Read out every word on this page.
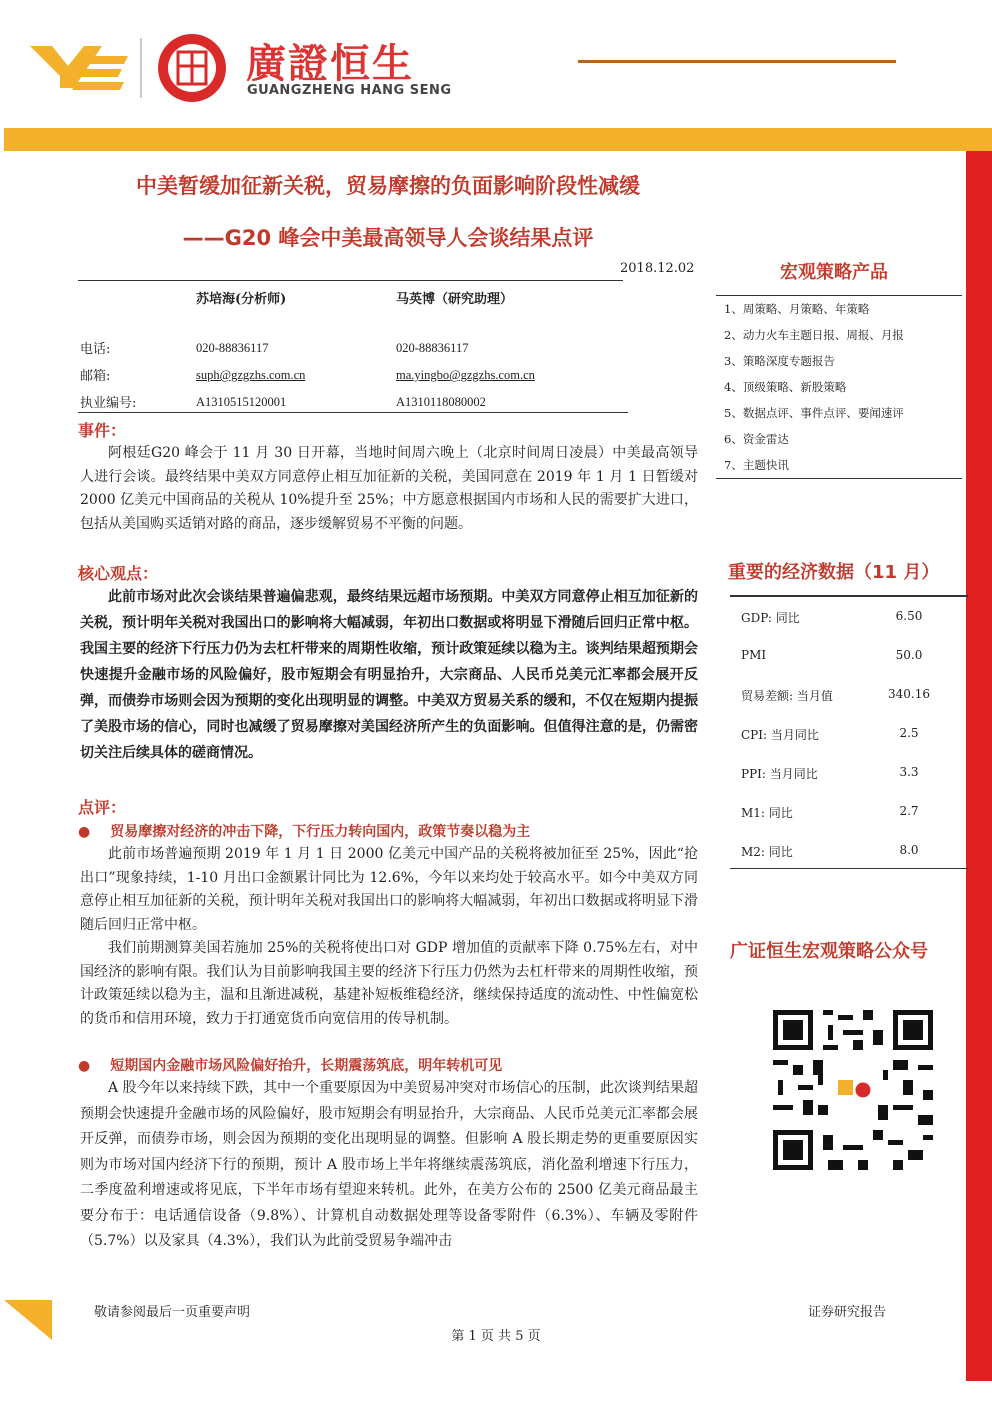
廣證恒生
GUANGZHENG HANG SENG
中美暂缓加征新关税，贸易摩擦的负面影响阶段性减缓
——G20 峰会中美最高领导人会谈结果点评
2018.12.02
苏培海(分析师)	马英博（研究助理）
电话:	020-88836117	020-88836117
邮箱:	suph@gzgzhs.com.cn	ma.yingbo@gzgzhs.com.cn
执业编号:	A1310515120001	A1310118080002
事件：
阿根廷G20 峰会于 11 月 30 日开幕，当地时间周六晚上（北京时间周日凌晨）中美最高领导人进行会谈。最终结果中美双方同意停止相互加征新的关税，美国同意在 2019 年 1 月 1 日暂缓对 2000 亿美元中国商品的关税从 10%提升至 25%；中方愿意根据国内市场和人民的需要扩大进口，包括从美国购买适销对路的商品，逐步缓解贸易不平衡的问题。
核心观点：
此前市场对此次会谈结果普遍偏悲观，最终结果远超市场预期。中美双方同意停止相互加征新的关税，预计明年关税对我国出口的影响将大幅减弱，年初出口数据或将明显下滑随后回归正常中枢。我国主要的经济下行压力仍为去杠杆带来的周期性收缩，预计政策延续以稳为主。谈判结果超预期会快速提升金融市场的风险偏好，股市短期会有明显抬升，大宗商品、人民币兑美元汇率都会展开反弹，而债券市场则会因为预期的变化出现明显的调整。中美双方贸易关系的缓和，不仅在短期内提振了美股市场的信心，同时也减缓了贸易摩擦对美国经济所产生的负面影响。但值得注意的是，仍需密切关注后续具体的磋商情况。
点评：
● 贸易摩擦对经济的冲击下降，下行压力转向国内，政策节奏以稳为主
此前市场普遍预期 2019 年 1 月 1 日 2000 亿美元中国产品的关税将被加征至 25%，因此“抢出口”现象持续，1-10 月出口金额累计同比为 12.6%，今年以来均处于较高水平。如今中美双方同意停止相互加征新的关税，预计明年关税对我国出口的影响将大幅减弱，年初出口数据或将明显下滑随后回归正常中枢。
我们前期测算美国若施加 25%的关税将使出口对 GDP 增加值的贡献率下降 0.75%左右，对中国经济的影响有限。我们认为目前影响我国主要的经济下行压力仍然为去杠杆带来的周期性收缩，预计政策延续以稳为主，温和且渐进减税，基建补短板维稳经济，继续保持适度的流动性、中性偏宽松的货币和信用环境，致力于打通宽货币向宽信用的传导机制。
● 短期国内金融市场风险偏好抬升，长期震荡筑底，明年转机可见
A 股今年以来持续下跌，其中一个重要原因为中美贸易冲突对市场信心的压制，此次谈判结果超预期会快速提升金融市场的风险偏好，股市短期会有明显抬升，大宗商品、人民币兑美元汇率都会展开反弹，而债券市场，则会因为预期的变化出现明显的调整。但影响 A 股长期走势的更重要原因实则为市场对国内经济下行的预期，预计 A 股市场上半年将继续震荡筑底，消化盈利增速下行压力，二季度盈利增速或将见底，下半年市场有望迎来转机。此外，在美方公布的 2500 亿美元商品最主要分布于：电话通信设备（9.8%）、计算机自动数据处理等设备零附件（6.3%）、车辆及零附件（5.7%）以及家具（4.3%），我们认为此前受贸易争端冲击
宏观策略产品
1、周策略、月策略、年策略
2、动力火车主题日报、周报、月报
3、策略深度专题报告
4、顶级策略、新股策略
5、数据点评、事件点评、要闻速评
6、资金雷达
7、主题快讯
重要的经济数据（11 月）
GDP: 同比	6.50
PMI	50.0
贸易差额: 当月值	340.16
CPI: 当月同比	2.5
PPI: 当月同比	3.3
M1: 同比	2.7
M2: 同比	8.0
广证恒生宏观策略公众号
敬请参阅最后一页重要声明	证券研究报告
第 1 页 共 5 页
